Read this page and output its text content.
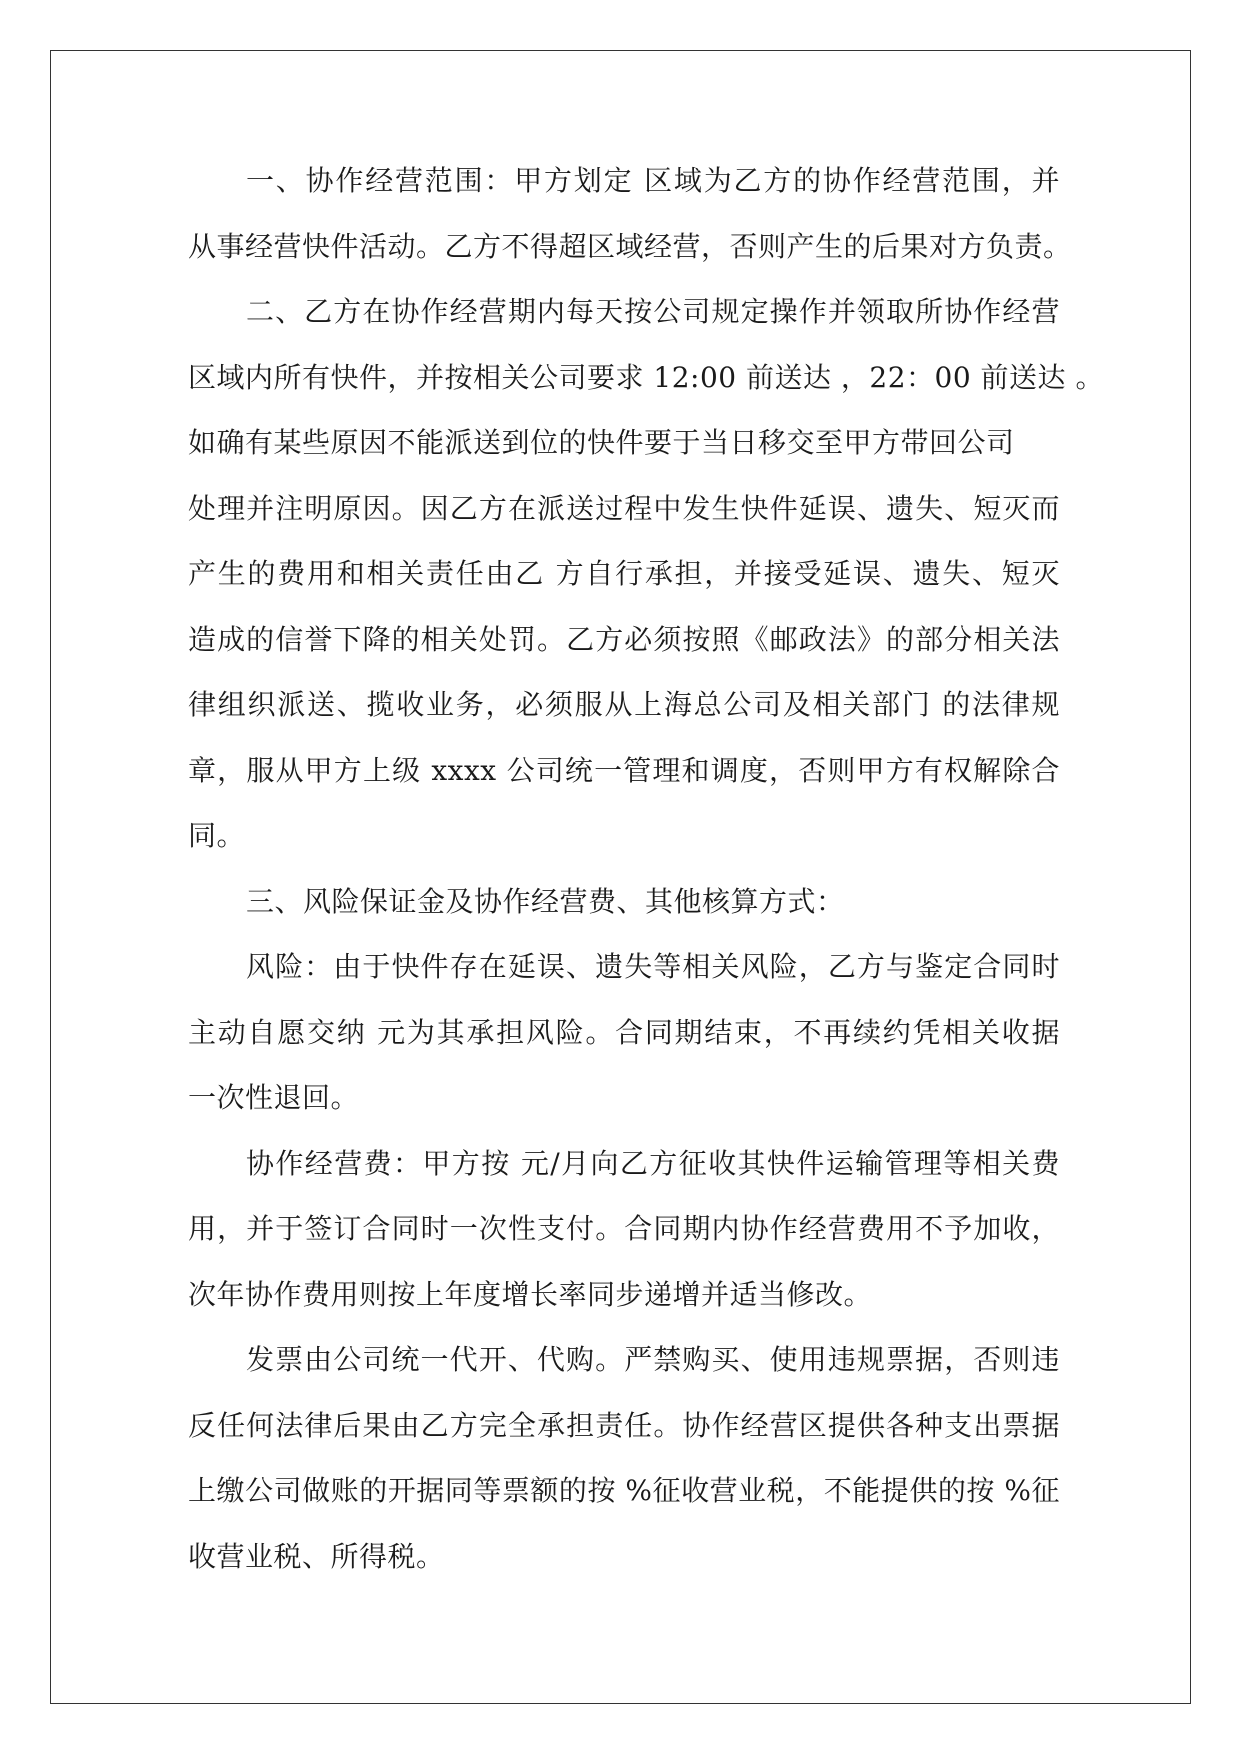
一、协作经营范围：甲方划定 区域为乙方的协作经营范围，并
从事经营快件活动。乙方不得超区域经营，否则产生的后果对方负责。
二、乙方在协作经营期内每天按公司规定操作并领取所协作经营
区域内所有快件，并按相关公司要求 12:00 前送达 ，22：00 前送达 。
如确有某些原因不能派送到位的快件要于当日移交至甲方带回公司
处理并注明原因。因乙方在派送过程中发生快件延误、遗失、短灭而
产生的费用和相关责任由乙 方自行承担，并接受延误、遗失、短灭
造成的信誉下降的相关处罚。乙方必须按照《邮政法》的部分相关法
律组织派送、揽收业务，必须服从上海总公司及相关部门 的法律规
章，服从甲方上级 xxxx 公司统一管理和调度，否则甲方有权解除合
同。
三、风险保证金及协作经营费、其他核算方式：
风险：由于快件存在延误、遗失等相关风险，乙方与鉴定合同时
主动自愿交纳 元为其承担风险。合同期结束，不再续约凭相关收据
一次性退回。
协作经营费：甲方按 元/月向乙方征收其快件运输管理等相关费
用，并于签订合同时一次性支付。合同期内协作经营费用不予加收，
次年协作费用则按上年度增长率同步递增并适当修改。
发票由公司统一代开、代购。严禁购买、使用违规票据，否则违
反任何法律后果由乙方完全承担责任。协作经营区提供各种支出票据
上缴公司做账的开据同等票额的按 %征收营业税，不能提供的按 %征
收营业税、所得税。
